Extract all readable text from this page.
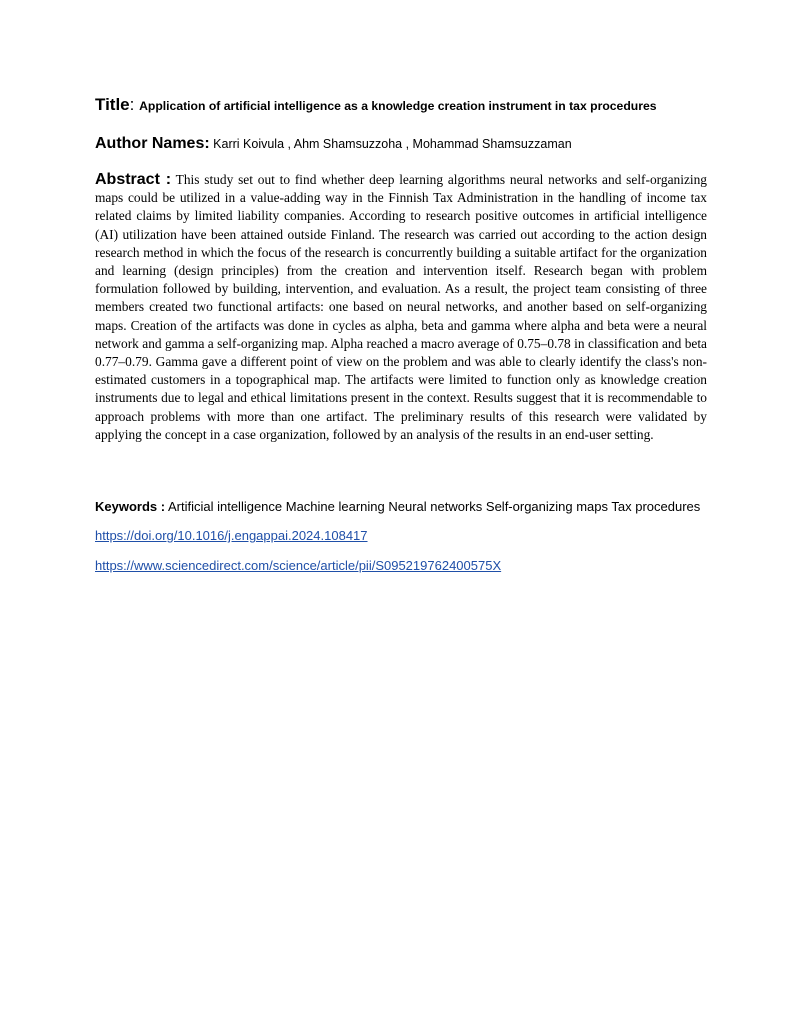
Title: Application of artificial intelligence as a knowledge creation instrument in tax procedures

Author Names: Karri Koivula , Ahm Shamsuzzoha , Mohammad Shamsuzzaman

Abstract : This study set out to find whether deep learning algorithms neural networks and self-organizing maps could be utilized in a value-adding way in the Finnish Tax Administration in the handling of income tax related claims by limited liability companies. According to research positive outcomes in artificial intelligence (AI) utilization have been attained outside Finland. The research was carried out according to the action design research method in which the focus of the research is concurrently building a suitable artifact for the organization and learning (design principles) from the creation and intervention itself. Research began with problem formulation followed by building, intervention, and evaluation. As a result, the project team consisting of three members created two functional artifacts: one based on neural networks, and another based on self-organizing maps. Creation of the artifacts was done in cycles as alpha, beta and gamma where alpha and beta were a neural network and gamma a self-organizing map. Alpha reached a macro average of 0.75–0.78 in classification and beta 0.77–0.79. Gamma gave a different point of view on the problem and was able to clearly identify the class's non-estimated customers in a topographical map. The artifacts were limited to function only as knowledge creation instruments due to legal and ethical limitations present in the context. Results suggest that it is recommendable to approach problems with more than one artifact. The preliminary results of this research were validated by applying the concept in a case organization, followed by an analysis of the results in an end-user setting.

Keywords : Artificial intelligence Machine learning Neural networks Self-organizing maps Tax procedures

https://doi.org/10.1016/j.engappai.2024.108417

https://www.sciencedirect.com/science/article/pii/S095219762400575X
